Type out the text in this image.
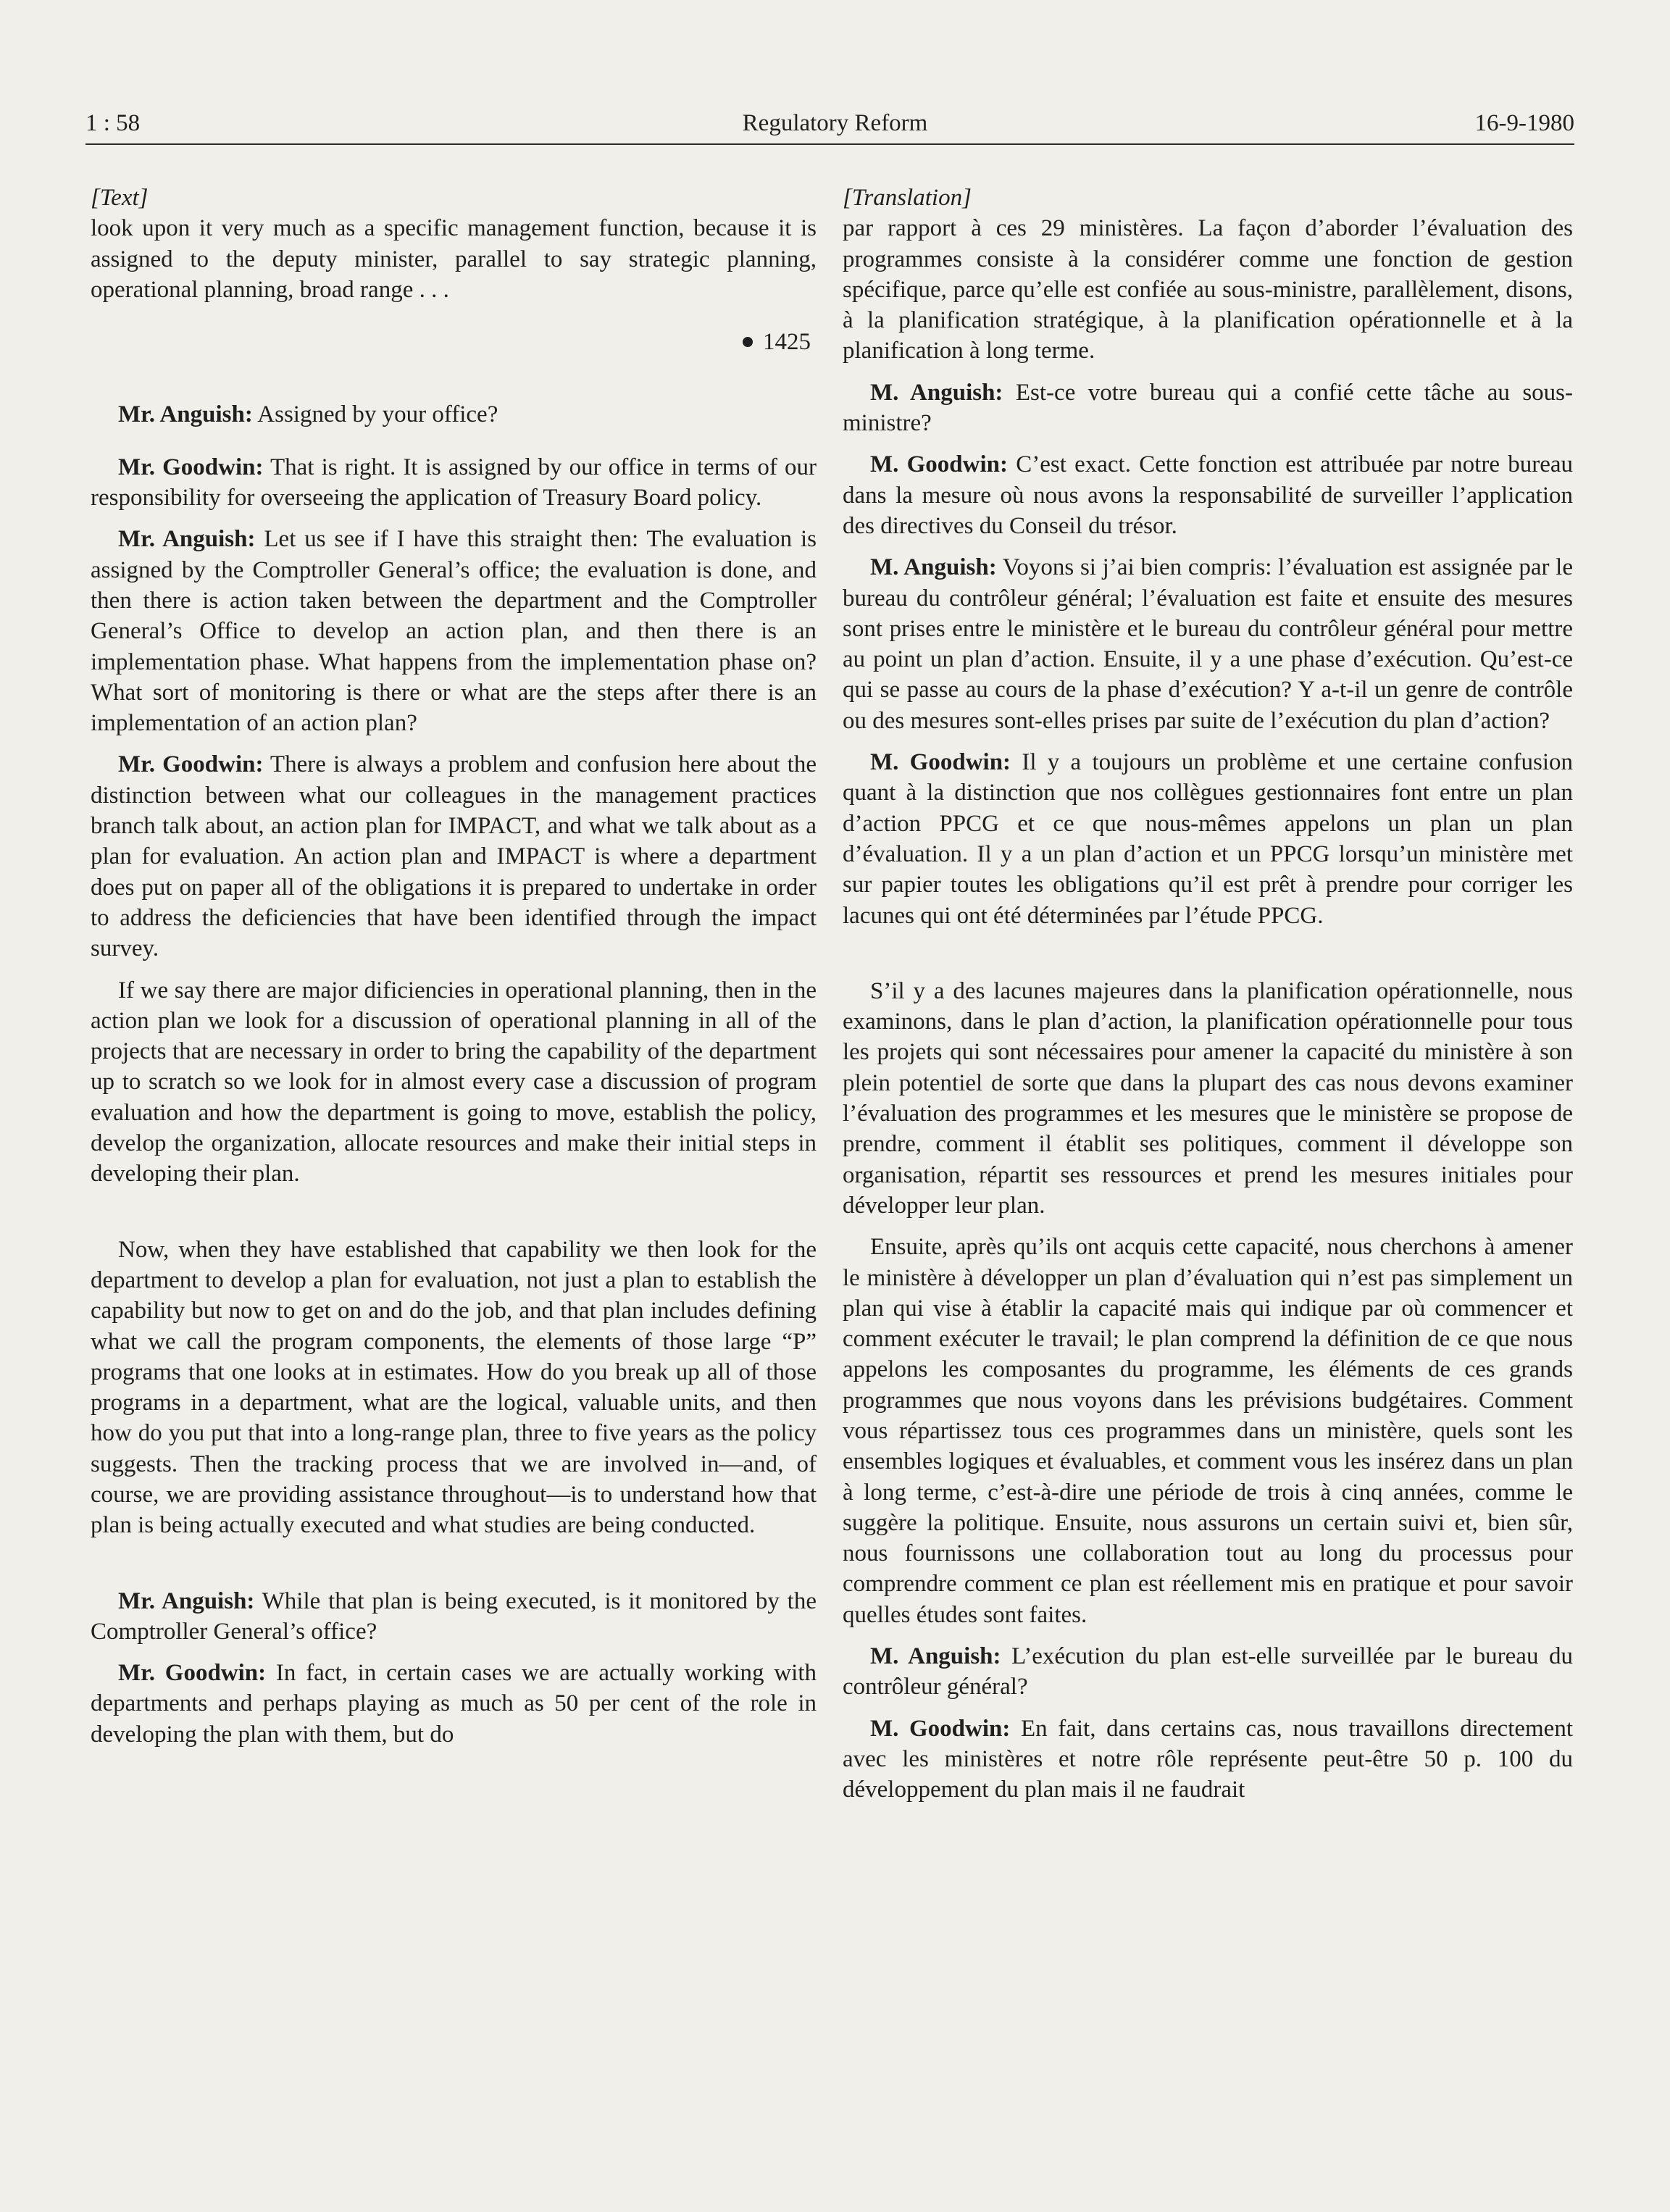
1 : 58	Regulatory Reform	16-9-1980

[Text]

look upon it very much as a specific management function, because it is assigned to the deputy minister, parallel to say strategic planning, operational planning, broad range . . .

1425

Mr. Anguish: Assigned by your office?

Mr. Goodwin: That is right. It is assigned by our office in terms of our responsibility for overseeing the application of Treasury Board policy.

Mr. Anguish: Let us see if I have this straight then: The evaluation is assigned by the Comptroller General’s office; the evaluation is done, and then there is action taken between the department and the Comptroller General’s Office to develop an action plan, and then there is an implementation phase. What happens from the implementation phase on? What sort of monitoring is there or what are the steps after there is an implementation of an action plan?

Mr. Goodwin: There is always a problem and confusion here about the distinction between what our colleagues in the management practices branch talk about, an action plan for IMPACT, and what we talk about as a plan for evaluation. An action plan and IMPACT is where a department does put on paper all of the obligations it is prepared to undertake in order to address the deficiencies that have been identified through the impact survey.

If we say there are major dificiencies in operational planning, then in the action plan we look for a discussion of operational planning in all of the projects that are necessary in order to bring the capability of the department up to scratch so we look for in almost every case a discussion of program evaluation and how the department is going to move, establish the policy, develop the organization, allocate resources and make their initial steps in developing their plan.

Now, when they have established that capability we then look for the department to develop a plan for evaluation, not just a plan to establish the capability but now to get on and do the job, and that plan includes defining what we call the program components, the elements of those large “P” programs that one looks at in estimates. How do you break up all of those programs in a department, what are the logical, valuable units, and then how do you put that into a long-range plan, three to five years as the policy suggests. Then the tracking process that we are involved in—and, of course, we are providing assistance throughout—is to understand how that plan is being actually executed and what studies are being conducted.

Mr. Anguish: While that plan is being executed, is it monitored by the Comptroller General’s office?

Mr. Goodwin: In fact, in certain cases we are actually working with departments and perhaps playing as much as 50 per cent of the role in developing the plan with them, but do

[Translation]

par rapport à ces 29 ministères. La façon d’aborder l’évaluation des programmes consiste à la considérer comme une fonction de gestion spécifique, parce qu’elle est confiée au sous-ministre, parallèlement, disons, à la planification stratégique, à la planification opérationnelle et à la planification à long terme.

M. Anguish: Est-ce votre bureau qui a confié cette tâche au sous-ministre?

M. Goodwin: C’est exact. Cette fonction est attribuée par notre bureau dans la mesure où nous avons la responsabilité de surveiller l’application des directives du Conseil du trésor.

M. Anguish: Voyons si j’ai bien compris: l’évaluation est assignée par le bureau du contrôleur général; l’évaluation est faite et ensuite des mesures sont prises entre le ministère et le bureau du contrôleur général pour mettre au point un plan d’action. Ensuite, il y a une phase d’exécution. Qu’est-ce qui se passe au cours de la phase d’exécution? Y a-t-il un genre de contrôle ou des mesures sont-elles prises par suite de l’exécution du plan d’action?

M. Goodwin: Il y a toujours un problème et une certaine confusion quant à la distinction que nos collègues gestionnaires font entre un plan d’action PPCG et ce que nous-mêmes appelons un plan un plan d’évaluation. Il y a un plan d’action et un PPCG lorsqu’un ministère met sur papier toutes les obligations qu’il est prêt à prendre pour corriger les lacunes qui ont été déterminées par l’étude PPCG.

S’il y a des lacunes majeures dans la planification opérationnelle, nous examinons, dans le plan d’action, la planification opérationnelle pour tous les projets qui sont nécessaires pour amener la capacité du ministère à son plein potentiel de sorte que dans la plupart des cas nous devons examiner l’évaluation des programmes et les mesures que le ministère se propose de prendre, comment il établit ses politiques, comment il développe son organisation, répartit ses ressources et prend les mesures initiales pour développer leur plan.

Ensuite, après qu’ils ont acquis cette capacité, nous cherchons à amener le ministère à développer un plan d’évaluation qui n’est pas simplement un plan qui vise à établir la capacité mais qui indique par où commencer et comment exécuter le travail; le plan comprend la définition de ce que nous appelons les composantes du programme, les éléments de ces grands programmes que nous voyons dans les prévisions budgétaires. Comment vous répartissez tous ces programmes dans un ministère, quels sont les ensembles logiques et évaluables, et comment vous les insérez dans un plan à long terme, c’est-à-dire une période de trois à cinq années, comme le suggère la politique. Ensuite, nous assurons un certain suivi et, bien sûr, nous fournissons une collaboration tout au long du processus pour comprendre comment ce plan est réellement mis en pratique et pour savoir quelles études sont faites.

M. Anguish: L’exécution du plan est-elle surveillée par le bureau du contrôleur général?

M. Goodwin: En fait, dans certains cas, nous travaillons directement avec les ministères et notre rôle représente peut-être 50 p. 100 du développement du plan mais il ne faudrait
